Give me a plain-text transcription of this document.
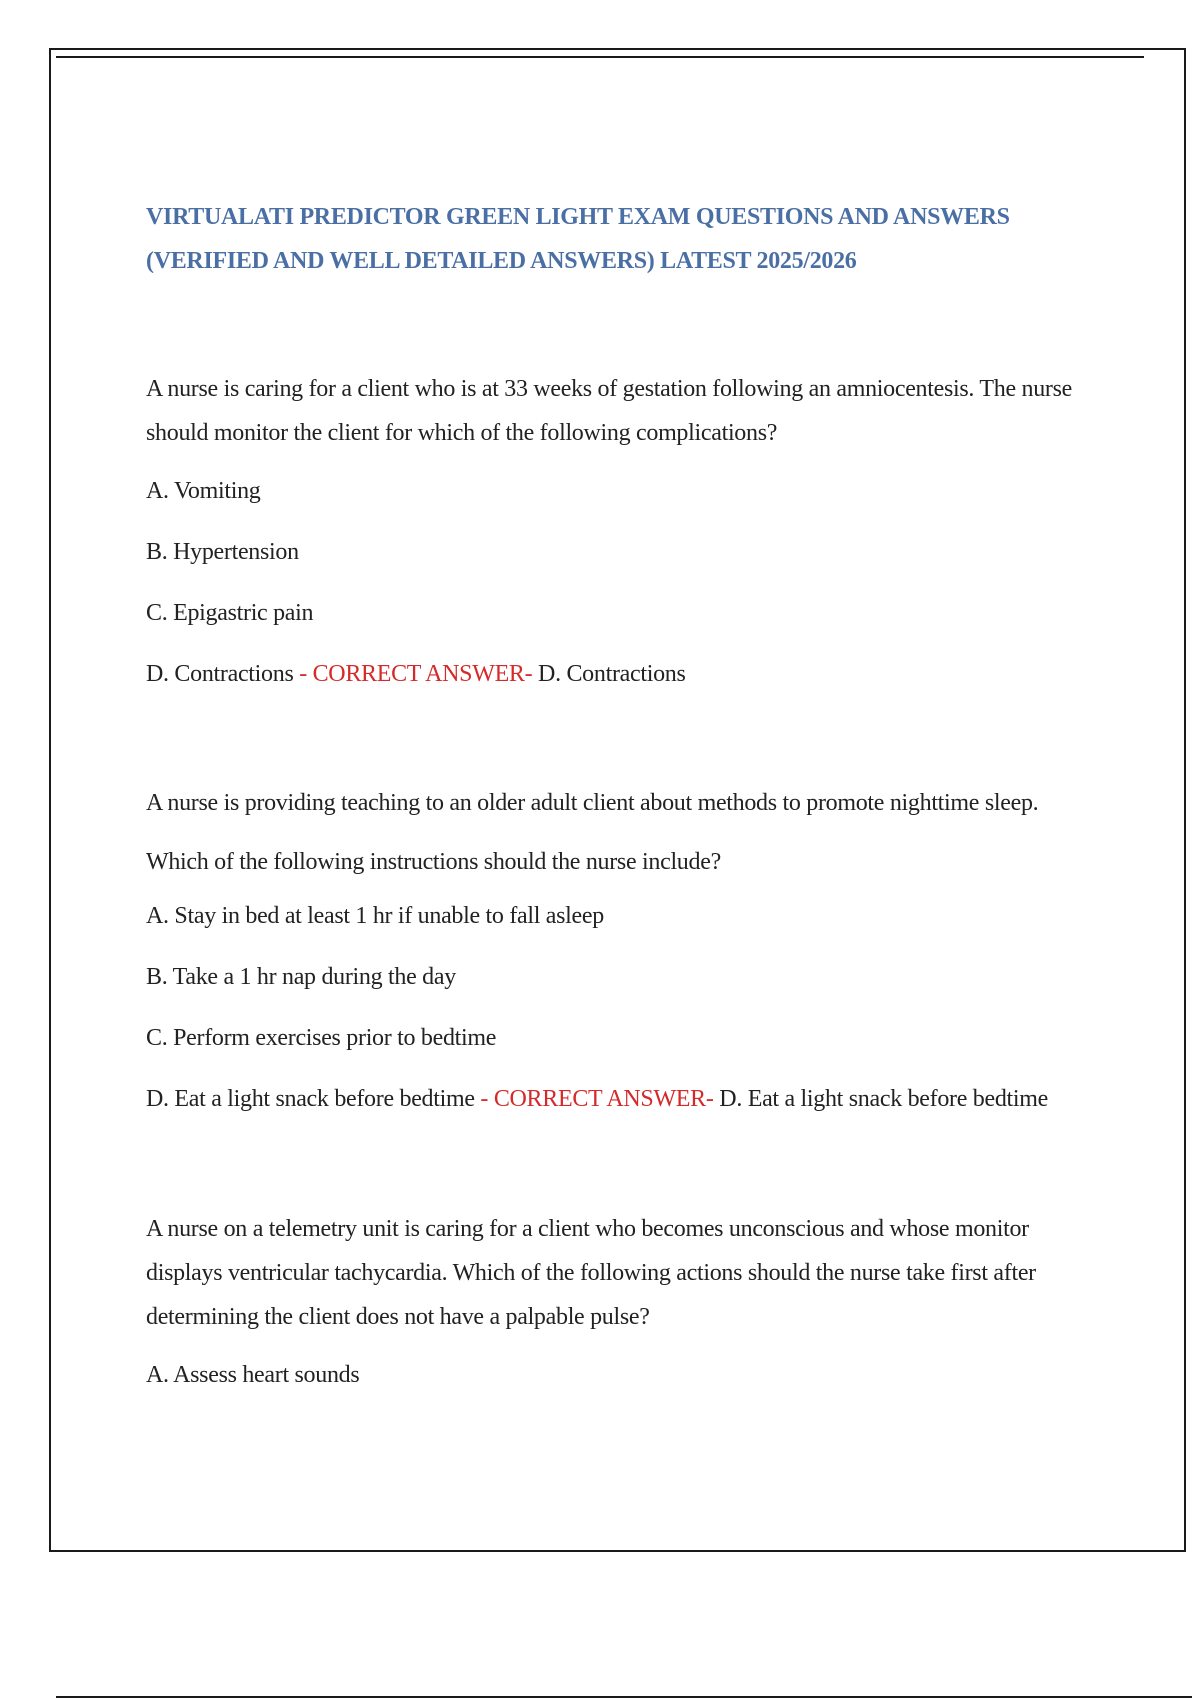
VIRTUALATI PREDICTOR GREEN LIGHT EXAM QUESTIONS AND ANSWERS
(VERIFIED AND WELL DETAILED ANSWERS) LATEST 2025/2026

A nurse is caring for a client who is at 33 weeks of gestation following an amniocentesis. The nurse should monitor the client for which of the following complications?

A. Vomiting

B. Hypertension

C. Epigastric pain

D. Contractions - CORRECT ANSWER- D. Contractions

A nurse is providing teaching to an older adult client about methods to promote nighttime sleep. Which of the following instructions should the nurse include?

A. Stay in bed at least 1 hr if unable to fall asleep

B. Take a 1 hr nap during the day

C. Perform exercises prior to bedtime

D. Eat a light snack before bedtime - CORRECT ANSWER- D. Eat a light snack before bedtime

A nurse on a telemetry unit is caring for a client who becomes unconscious and whose monitor displays ventricular tachycardia. Which of the following actions should the nurse take first after determining the client does not have a palpable pulse?

A. Assess heart sounds
